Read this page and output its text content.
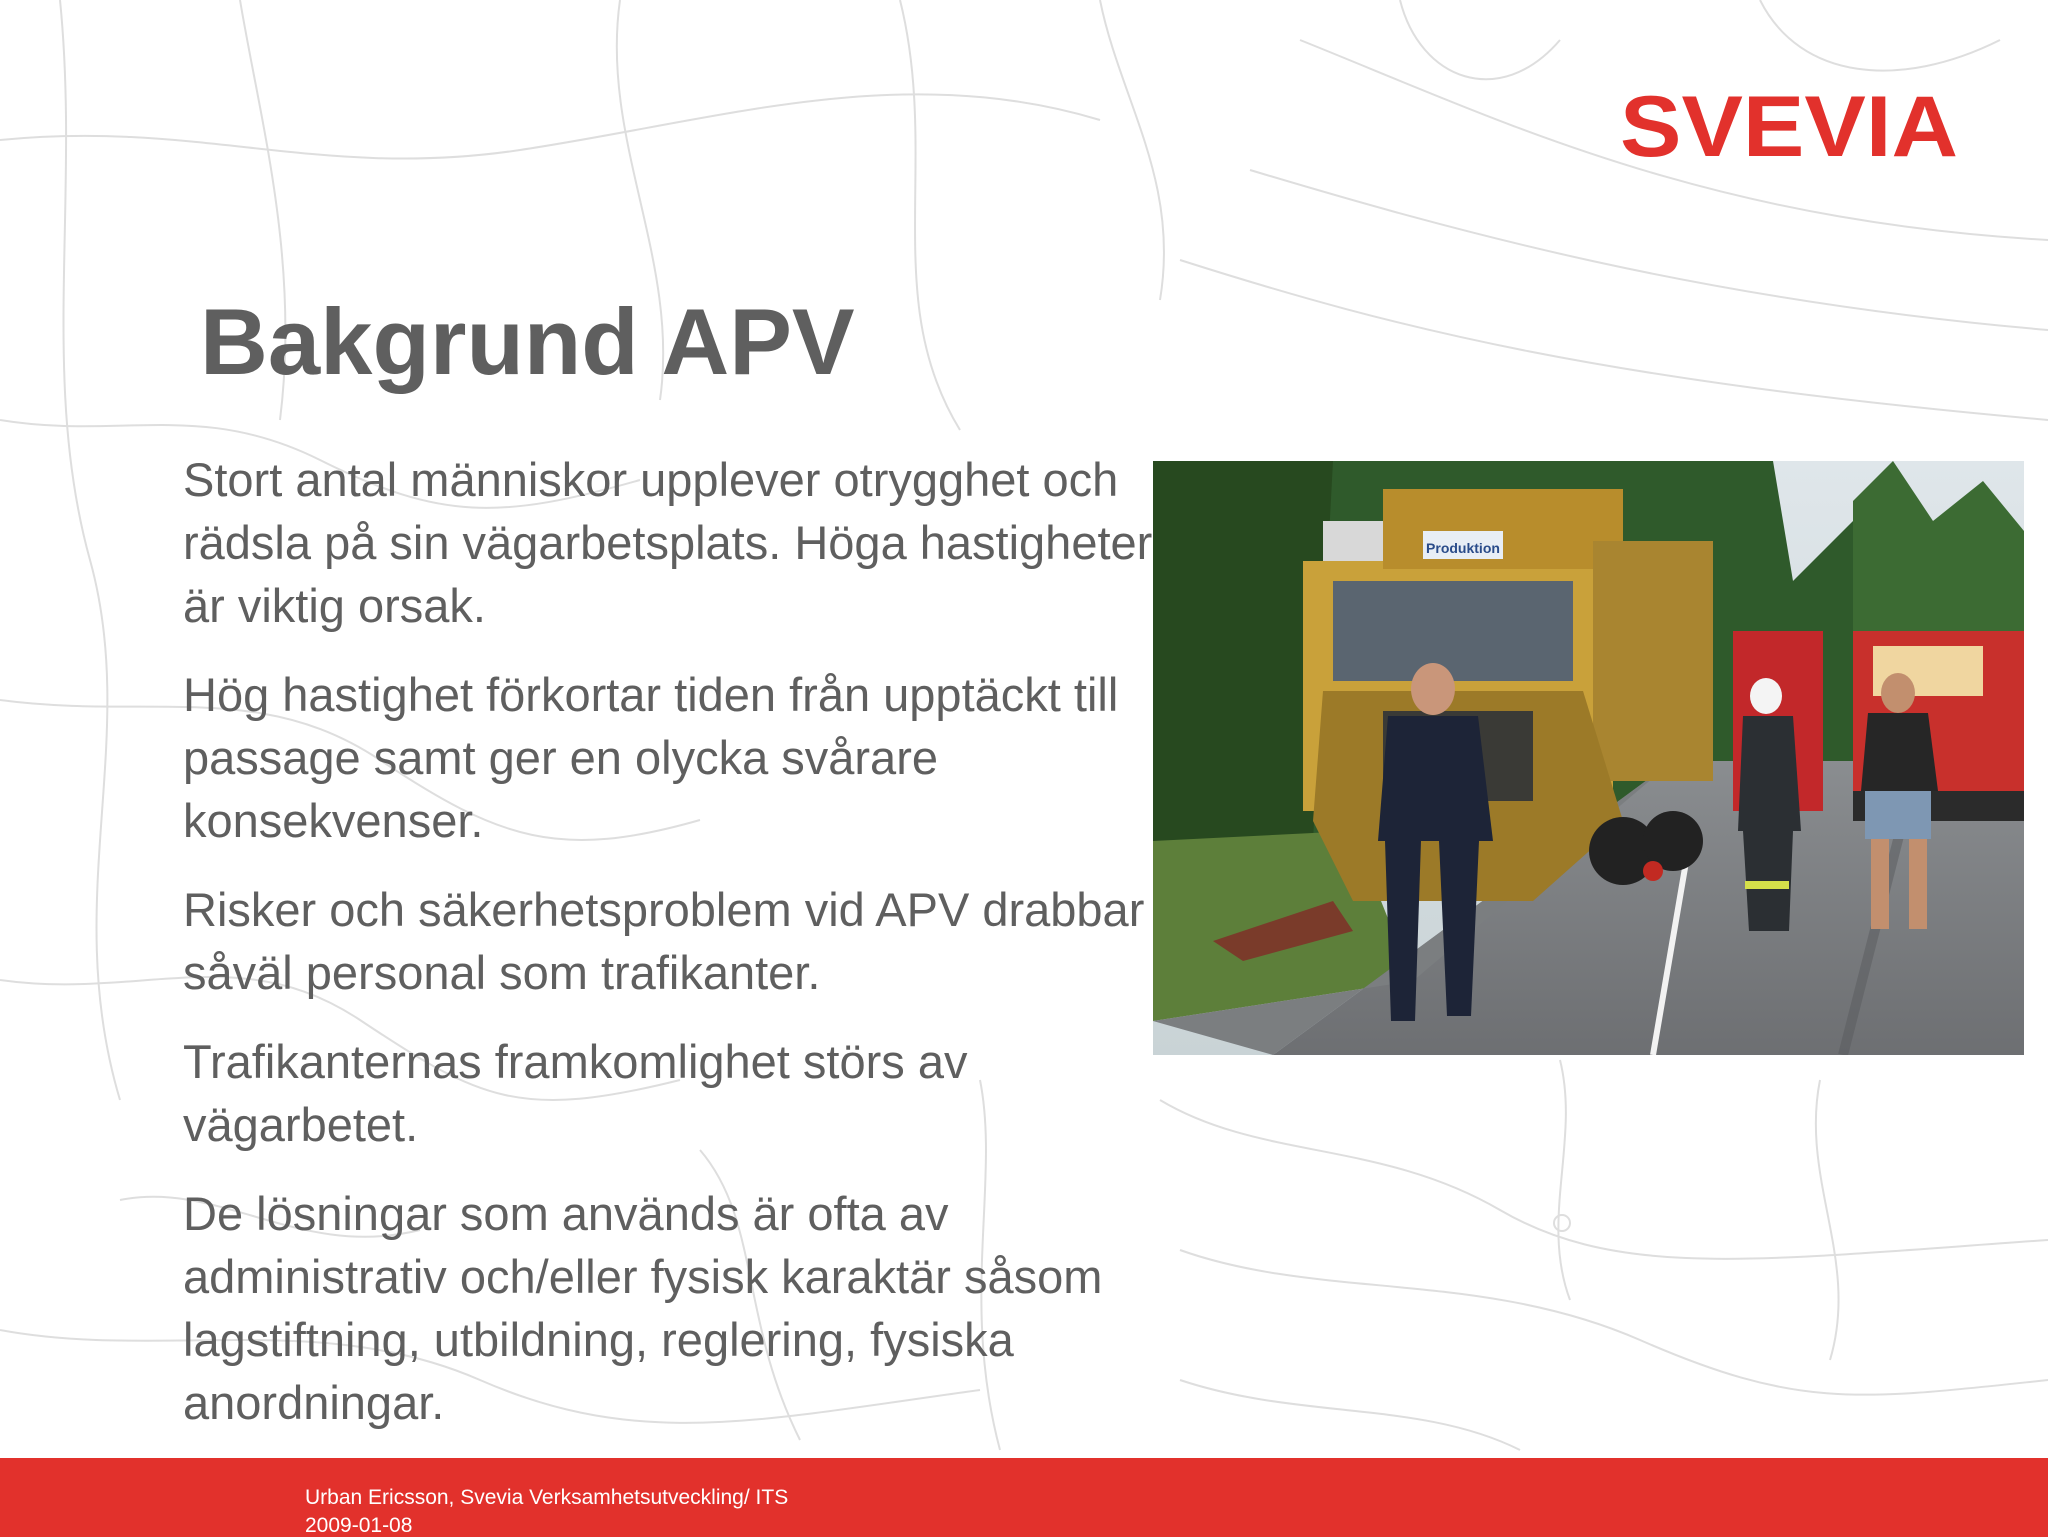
SVEVIA
Bakgrund APV

Stort antal människor upplever otrygghet och rädsla på sin vägarbetsplats. Höga hastigheter är viktig orsak.

Hög hastighet förkortar tiden från upptäckt till passage samt ger en olycka svårare konsekvenser.

Risker och säkerhetsproblem vid APV drabbar såväl personal som trafikanter.

Trafikanternas framkomlighet störs av vägarbetet.

De lösningar som används är ofta av administrativ och/eller fysisk karaktär såsom lagstiftning, utbildning, reglering, fysiska anordningar.

Produktion
Urban Ericsson, Svevia Verksamhetsutveckling/ ITS
2009-01-08
